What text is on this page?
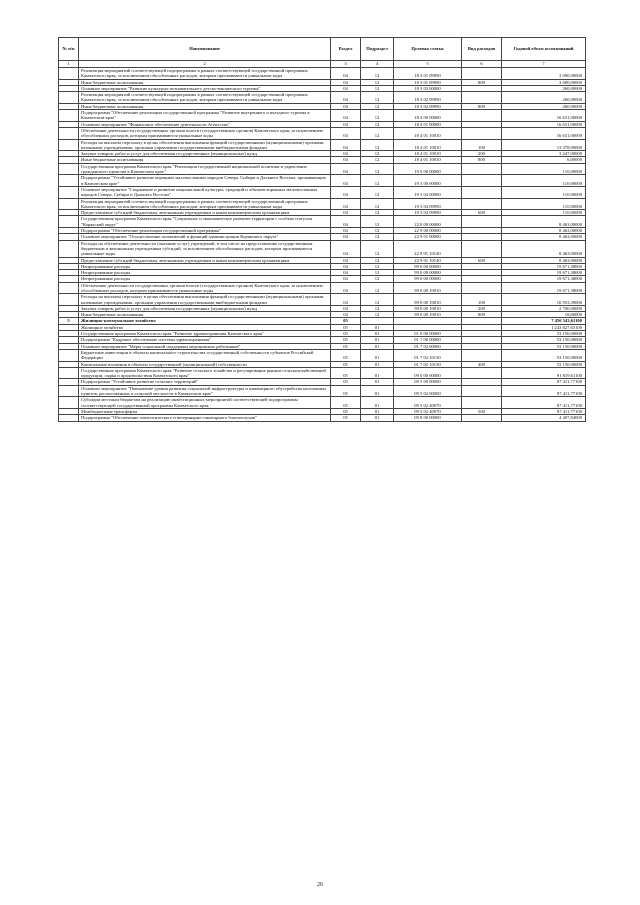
№ п/п	Наименование	Раздел	Подраздел	Целевая статья	Вид расходов	Годовой объем ассигнований
1	2	3	4	5	6	7
	Реализация мероприятий соответствующей подпрограммы в рамках соответствующей государственной программы Камчатского края, за исключением обособленных расходов, которым присваиваются уникальные коды	04	12	18 3 01 09990		3 000,00000
	Иные бюджетные ассигнования	04	12	18 3 01 09990	800	3 000,00000
	Основное мероприятие "Развитие культурно-познавательного детско-юношеского туризма"	04	12	18 3 02 00000		260,00000
	Реализация мероприятий соответствующей подпрограммы в рамках соответствующей государственной программы Камчатского края, за исключением обособленных расходов, которым присваиваются уникальные коды	04	12	18 3 02 09990		260,00000
	Иные бюджетные ассигнования	04	12	18 3 02 09990	800	260,00000
	Подпрограмма "Обеспечение реализации государственной программы "Развитие внутреннего и въездного туризма в Камчатском крае"	04	12	18 4 00 00000		16 631,00000
	Основное мероприятие "Финансовое обеспечение деятельности Агентства"	04	12	18 4 01 00000		16 631,00000
	Обеспечение деятельности государственных органов власти (государственных органов) Камчатского края, за исключением обособленных расходов, которым присваиваются уникальные коды	04	12	18 4 01 10010		16 631,00000
	Расходы на выплаты персоналу в целях обеспечения выполнения функций государственными (муниципальными) органами, казенными учреждениями, органами управления государственными внебюджетными фондами	04	12	18 4 01 10010	100	13 378,00000
	Закупка товаров, работ и услуг для обеспечения государственных (муниципальных) нужд	04	12	18 4 01 10010	200	3 247,00000
	Иные бюджетные ассигнования	04	12	18 4 01 10010	800	6,00000
	Государственная программа Камчатского края "Реализация государственной национальной политики и укрепление гражданского единства в Камчатском крае"	04	12	19 0 00 00000		110,00000
	Подпрограмма "Устойчивое развитие коренных малочисленных народов Севера, Сибири и Дальнего Востока, проживающих в Камчатском крае"	04	12	19 3 00 00000		110,00000
	Основное мероприятие "Сохранение и развитие национальной культуры, традиций и обычаев коренных малочисленных народов Севера, Сибири и Дальнего Востока"	04	12	19 3 04 00000		110,00000
	Реализация мероприятий соответствующей подпрограммы в рамках соответствующей государственной программы Камчатского края, за исключением обособленных расходов, которым присваиваются уникальные коды	04	12	19 3 04 09990		110,00000
	Предоставление субсидий бюджетным, автономным учреждениям и иным некоммерческим организациям	04	12	19 3 04 09990	600	110,00000
	Государственная программа Камчатского края "Социальное и экономическое развитие территории с особым статусом "Корякский округ"	04	12	22 0 00 00000		8 463,00000
	Подпрограмма "Обеспечение реализации государственной программы"	04	12	22 9 00 00000		8 463,00000
	Основное мероприятие "Осуществление полномочий и функций администрации Корякского округа"	04	12	22 9 01 00000		8 463,00000
	Расходы на обеспечение деятельности (оказание услуг) учреждений, в том числе на предоставление государственным бюджетным и автономным учреждениям субсидий, за исключением обособленных расходов, которым присваиваются уникальные коды	04	12	22 9 01 10140		8 463,00000
	Предоставление субсидий бюджетным, автономным учреждениям и иным некоммерческим организациям	04	12	22 9 01 10140	600	8 463,00000
	Непрограммные расходы	04	12	99 0 00 00000		19 671,38000
	Непрограммные расходы	04	12	99 0 00 00000		19 671,38000
	Непрограммные расходы	04	12	99 0 00 00000		19 671,38000
	Обеспечение деятельности государственных органов власти (государственных органов) Камчатского края, за исключением обособленных расходов, которым присваиваются уникальные коды	04	12	99 0 00 10010		19 671,38000
	Расходы на выплаты персоналу в целях обеспечения выполнения функций государственными (муниципальными) органами, казенными учреждениями, органами управления государственными внебюджетными фондами	04	12	99 0 00 10010	100	16 953,39000
	Закупка товаров, работ и услуг для обеспечения государственных (муниципальных) нужд	04	12	99 0 00 10010	200	2 700,00000
	Иные бюджетные ассигнования	04	12	99 0 00 10010	800	18,00000
5	Жилищно-коммунальное хозяйство	05				7 456 543,61100
	Жилищное хозяйство	05	01			1 243 827,63100
	Государственная программа Камчатского края "Развитие здравоохранения Камчатского края"	05	01	01 0 00 00000		53 150,00000
	Подпрограмма "Кадровое обеспечение системы здравоохранения"	05	01	01 7 00 00000		53 150,00000
	Основное мероприятие "Меры социальной поддержки медицинских работников"	05	01	01 7 02 00000		53 150,00000
	Бюджетные инвестиции в объекты капитального строительства государственной собственности субъектов Российской Федерации	05	01	01 7 02 10130		53 150,00000
	Капитальные вложения в объекты государственной (муниципальной) собственности	05	01	01 7 02 10130	400	53 150,00000
	Государственная программа Камчатского края "Развитие сельского хозяйства и регулирование рынков сельскохозяйственной продукции, сырья и продовольствия Камчатского края"	05	01	09 0 00 00000		91 819,61100
	Подпрограмма "Устойчивое развитие сельских территорий"	05	01	09 5 00 00000		87 411,77100
	Основное мероприятие "Повышение уровня развития социальной инфраструктуры и инженерного обустройства населенных пунктов, расположенных в сельской местности в Камчатском крае"	05	01	09 5 02 00000		87 411,77100
	Субсидии местным бюджетам на реализацию инвестиционных мероприятий соответствующей подпрограммы соответствующей государственной программы Камчатского края	05	01	09 5 02 40070		87 411,77100
	Межбюджетные трансферты	05	01	09 5 02 40070	500	87 411,77100
	Подпрограмма "Обеспечение эпизоотического и ветеринарно-санитарного благополучия"	05	01	09 8 00 00000		4 407,84000
26
